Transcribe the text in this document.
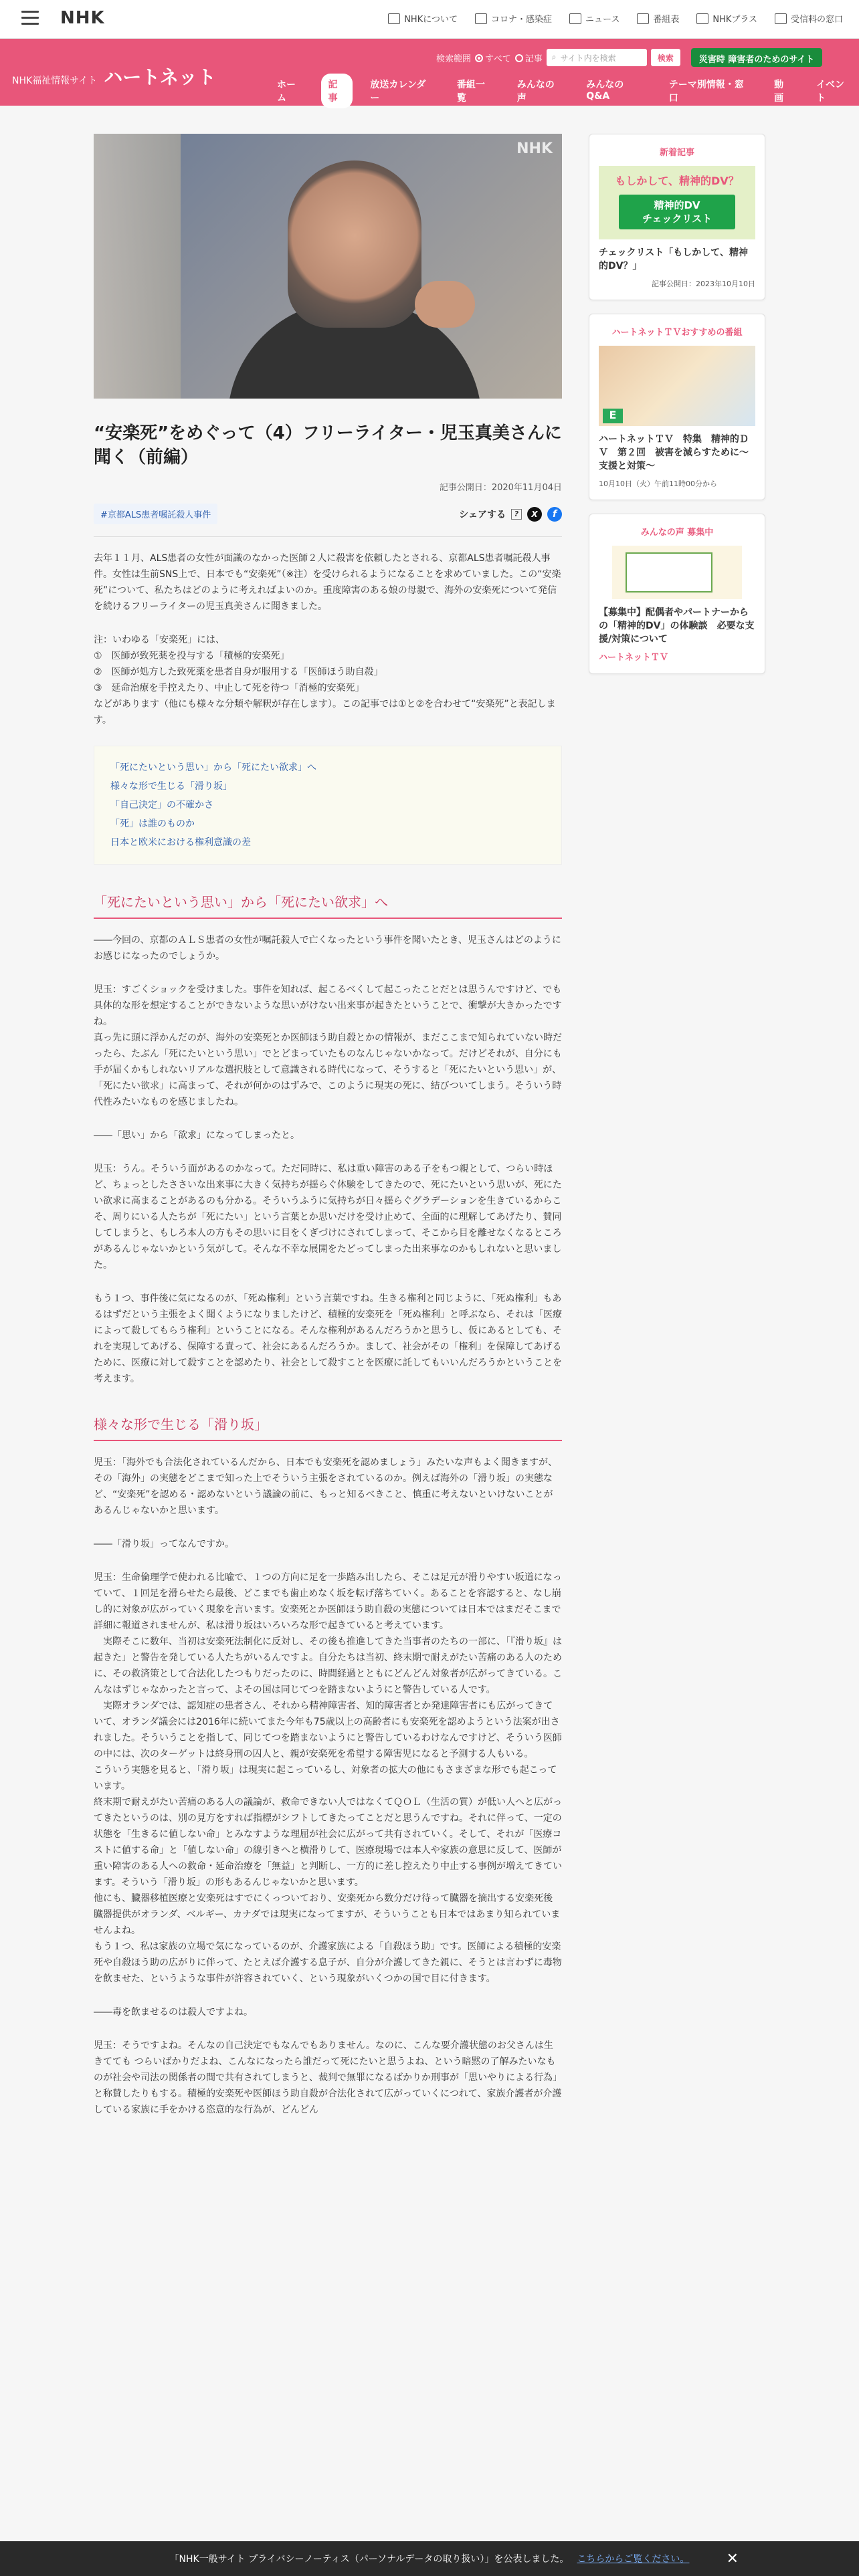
NHK	NHKについて	コロナ・感染症	ニュース	番組表	NHKプラス	受信料の窓口
NHK福祉情報サイト ハートネット
検索範囲	すべて	記事 ⌕ サイト内を検索	検索	災害時 障害者のためのサイト
ホーム
記事
放送カレンダー
番組一覧
みんなの声
みんなのQ&A
テーマ別情報・窓口
動画
イベント
NHK
“安楽死”をめぐって（4）フリーライター・児玉真美さんに聞く（前編）
記事公開日：2020年11月04日
#京都ALS患者嘱託殺人事件	シェアする	?	X	f

去年１１月、ALS患者の女性が面識のなかった医師２人に殺害を依頼したとされる、京都ALS患者嘱託殺人事件。女性は生前SNS上で、日本でも“安楽死”（※注）を受けられるようになることを求めていました。この“安楽死”について、私たちはどのように考えればよいのか。重度障害のある娘の母親で、海外の安楽死について発信を続けるフリーライターの児玉真美さんに聞きました。

注：いわゆる「安楽死」には、
①　医師が致死薬を投与する「積極的安楽死」
②　医師が処方した致死薬を患者自身が服用する「医師ほう助自殺」
③　延命治療を手控えたり、中止して死を待つ「消極的安楽死」
などがあります（他にも様々な分類や解釈が存在します）。この記事では①と②を合わせて“安楽死”と表記します。

「死にたいという思い」から「死にたい欲求」へ
様々な形で生じる「滑り坂」
「自己決定」の不確かさ
「死」は誰のものか
日本と欧米における権利意識の差
「死にたいという思い」から「死にたい欲求」へ

――今回の、京都のＡＬＳ患者の女性が嘱託殺人で亡くなったという事件を聞いたとき、児玉さんはどのようにお感じになったのでしょうか。

児玉：すごくショックを受けました。事件を知れば、起こるべくして起こったことだとは思うんですけど、でも具体的な形を想定することができないような思いがけない出来事が起きたということで、衝撃が大きかったですね。
真っ先に頭に浮かんだのが、海外の安楽死とか医師ほう助自殺とかの情報が、まだここまで知られていない時だったら、たぶん「死にたいという思い」でとどまっていたものなんじゃないかなって。だけどそれが、自分にも手が届くかもしれないリアルな選択肢として意識される時代になって、そうすると「死にたいという思い」が、「死にたい欲求」に高まって、それが何かのはずみで、このように現実の死に、結びついてしまう。そういう時代性みたいなものを感じましたね。

――「思い」から「欲求」になってしまったと。

児玉：うん。そういう面があるのかなって。ただ同時に、私は重い障害のある子をもつ親として、つらい時ほど、ちょっとしたささいな出来事に大きく気持ちが揺らぐ体験をしてきたので、死にたいという思いが、死にたい欲求に高まることがあるのも分かる。そういうふうに気持ちが日々揺らぐグラデーションを生きているからこそ、周りにいる人たちが「死にたい」という言葉とか思いだけを受け止めて、全面的に理解してあげたり、賛同してしまうと、もしろ本人の方もその思いに目をくぎづけにされてしまって、そこから目を離せなくなるところがあるんじゃないかという気がして。そんな不幸な展開をたどってしまった出来事なのかもしれないと思いました。

もう１つ、事件後に気になるのが、「死ぬ権利」という言葉ですね。生きる権利と同じように、「死ぬ権利」もあるはずだという主張をよく聞くようになりましたけど、積極的安楽死を「死ぬ権利」と呼ぶなら、それは「医療によって殺してもらう権利」ということになる。そんな権利があるんだろうかと思うし、仮にあるとしても、それを実現してあげる、保障する責って、社会にあるんだろうか。まして、社会がその「権利」を保障してあげるために、医療に対して殺すことを認めたり、社会として殺すことを医療に託してもいいんだろうかということを考えます。

様々な形で生じる「滑り坂」

児玉：「海外でも合法化されているんだから、日本でも安楽死を認めましょう」みたいな声もよく聞きますが、その「海外」の実態をどこまで知った上でそういう主張をされているのか。例えば海外の「滑り坂」の実態など、“安楽死”を認める・認めないという議論の前に、もっと知るべきこと、慎重に考えないといけないことがあるんじゃないかと思います。

――「滑り坂」ってなんですか。

児玉：生命倫理学で使われる比喩で、１つの方向に足を一歩踏み出したら、そこは足元が滑りやすい坂道になっていて、１回足を滑らせたら最後、どこまでも歯止めなく坂を転げ落ちていく。あることを容認すると、なし崩し的に対象が広がっていく現象を言います。安楽死とか医師ほう助自殺の実態については日本ではまだそこまで詳細に報道されませんが、私は滑り坂はいろいろな形で起きていると考えています。
　実際そこに数年、当初は安楽死法制化に反対し、その後も推進してきた当事者のたちの一部に、「『滑り坂』は起きた」と警告を発している人たちがいるんですよ。自分たちは当初、終末期で耐えがたい苦痛のある人のために、その救済策として合法化したつもりだったのに、時間経過とともにどんどん対象者が広がってきている。こんなはずじゃなかったと言って、よその国は同じてつを踏まないようにと警告している人です。
　実際オランダでは、認知症の患者さん、それから精神障害者、知的障害者とか発達障害者にも広がってきていて、オランダ議会には2016年に続いてまた今年も75歳以上の高齢者にも安楽死を認めようという法案が出されました。そういうことを指して、同じてつを踏まないようにと警告しているわけなんですけど、そういう医師の中には、次のターゲットは終身刑の囚人と、親が安楽死を希望する障害児になると予測する人もいる。
こういう実態を見ると、「滑り坂」は現実に起こっているし、対象者の拡大の他にもさまざまな形でも起こっています。
終末期で耐えがたい苦痛のある人の議論が、救命できない人ではなくてＱＯＬ（生活の質）が低い人へと広がってきたというのは、別の見方をすれば指標がシフトしてきたってことだと思うんですね。それに伴って、一定の状態を「生きるに値しない命」とみなすような理屈が社会に広がって共有されていく。そして、それが「医療コストに値する命」と「値しない命」の線引きへと横滑りして、医療現場では本人や家族の意思に反して、医師が重い障害のある人への救命・延命治療を「無益」と判断し、一方的に差し控えたり中止する事例が増えてきています。そういう「滑り坂」の形もあるんじゃないかと思います。
他にも、臓器移植医療と安楽死はすでにくっついており、安楽死から数分だけ待って臓器を摘出する安楽死後臓器提供がオランダ、ベルギー、カナダでは現実になってますが、そういうことも日本ではあまり知られていませんよね。
もう１つ、私は家族の立場で気になっているのが、介護家族による「自殺ほう助」です。医師による積極的安楽死や自殺ほう助の広がりに伴って、たとえば介護する息子が、自分が介護してきた親に、そうとは言わずに毒物を飲ませた、というような事件が許容されていく、という現象がいくつかの国で目に付きます。

――毒を飲ませるのは殺人ですよね。

児玉：そうですよね。そんなの自己決定でもなんでもありません。なのに、こんな要介護状態のお父さんは生きてても つらいばかりだよね、こんなになったら誰だって死にたいと思うよね、という暗黙の了解みたいなものが社会や司法の関係者の間で共有されてしまうと、裁判で無罪になるばかりか刑事が「思いやりによる行為」と称賛したりもする。積極的安楽死や医師ほう助自殺が合法化されて広がっていくにつれて、家族介護者が介護している家族に手をかける恣意的な行為が、どんどん

新着記事
もしかして、精神的DV？
精神的DV
チェックリスト
チェックリスト「もしかして、精神的DV？」
記事公開日：2023年10月10日
ハートネットＴＶおすすめの番組
E
ハートネットＴＶ　特集　精神的ＤＶ　第２回　被害を減らすために～支援と対策～
10月10日（火）午前11時00分から
みんなの声 募集中
【募集中】配偶者やパートナーからの「精神的DV」の体験談　必要な支援/対策について
ハートネットＴＶ
「NHK一般サイト プライバシーノーティス（パーソナルデータの取り扱い）」を公表しました。 こちらからご覧ください。	✕
